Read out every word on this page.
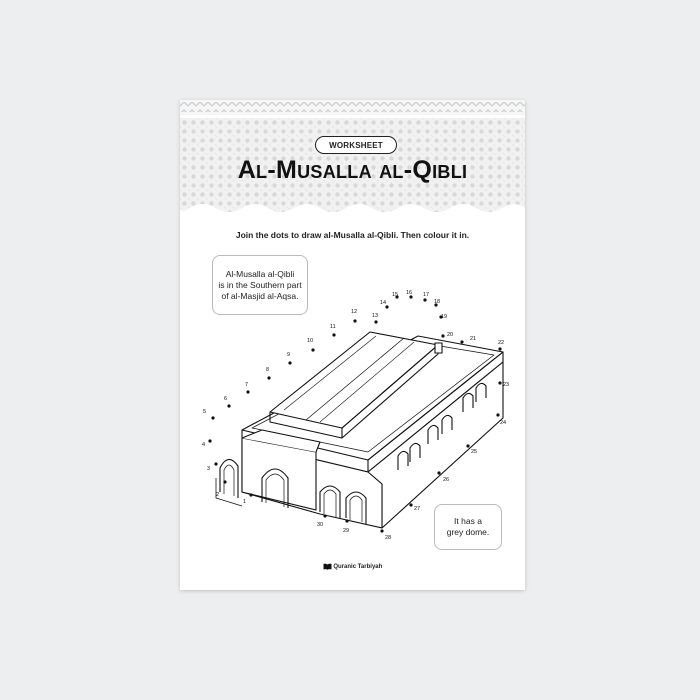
WORKSHEET
Al-Musalla al-Qibli
Join the dots to draw al-Musalla al-Qibli. Then colour it in.
1
2
3
4
5
6
7
8
9
10
11
12
13
14
15 16 17
18
19
20
21
22
23
24
25
26
27
28
29
30
Al-Musalla al-Qibli
is in the Southern part
of al-Masjid al-Aqsa.
It has a
grey dome.
Quranic Tarbiyah
